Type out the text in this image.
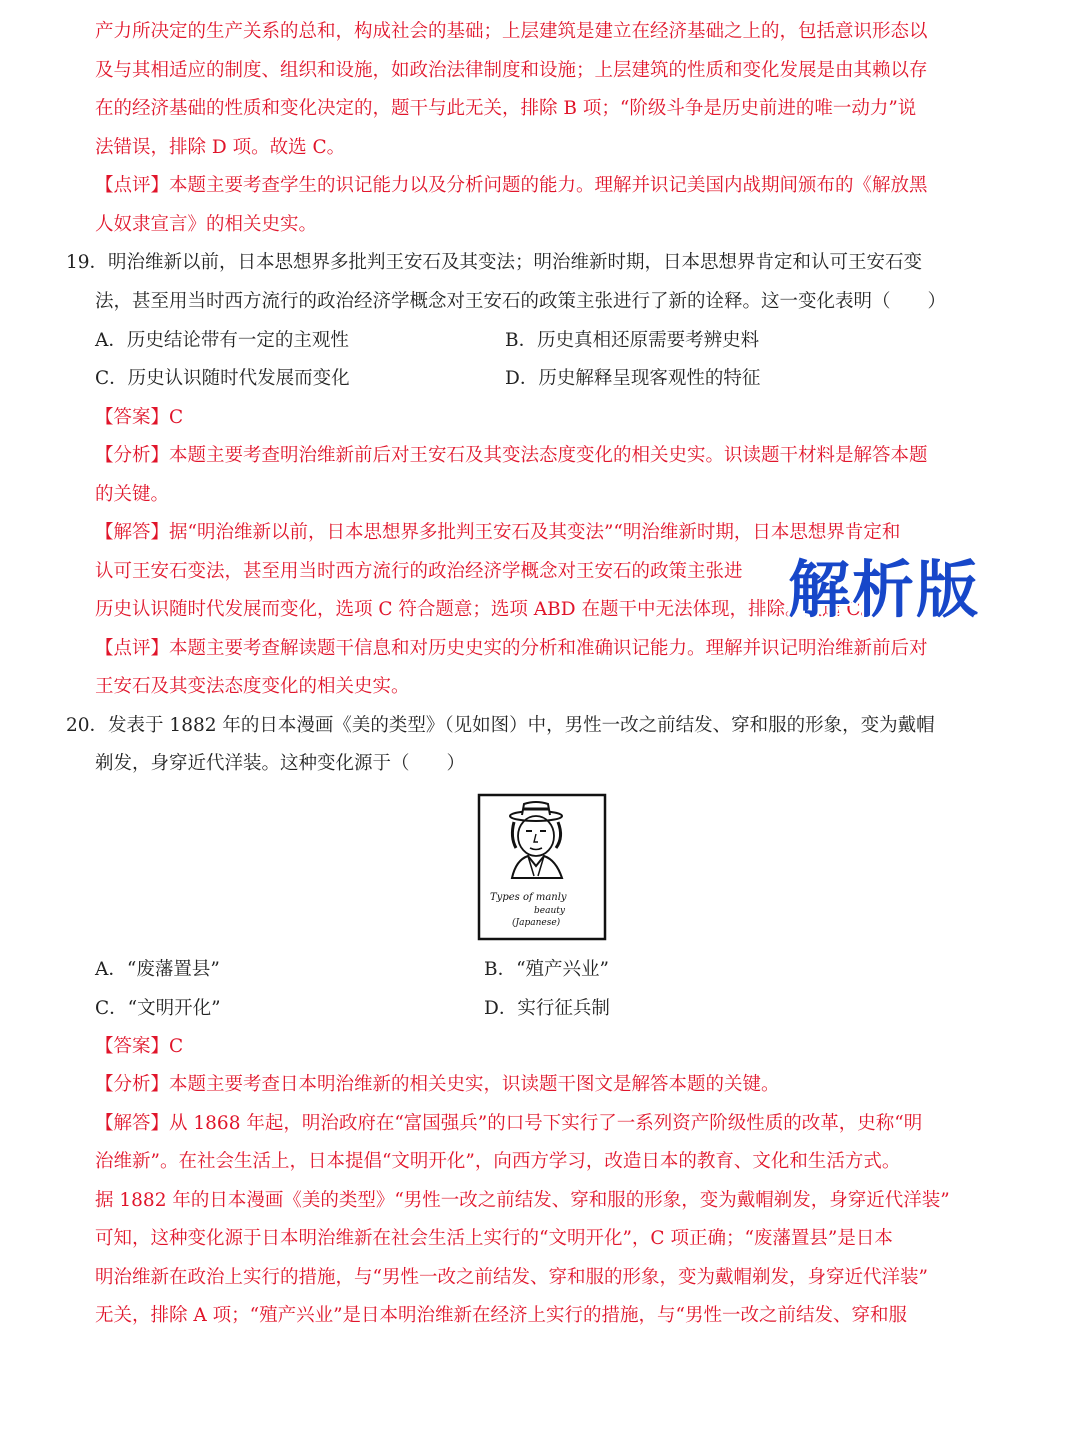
产力所决定的生产关系的总和，构成社会的基础；上层建筑是建立在经济基础之上的，包括意识形态以
及与其相适应的制度、组织和设施，如政治法律制度和设施；上层建筑的性质和变化发展是由其赖以存
在的经济基础的性质和变化决定的，题干与此无关，排除 B 项；“阶级斗争是历史前进的唯一动力”说
法错误，排除 D 项。故选 C。
【点评】本题主要考查学生的识记能力以及分析问题的能力。理解并识记美国内战期间颁布的《解放黑
人奴隶宣言》的相关史实。
19．明治维新以前，日本思想界多批判王安石及其变法；明治维新时期，日本思想界肯定和认可王安石变
法，甚至用当时西方流行的政治经济学概念对王安石的政策主张进行了新的诠释。这一变化表明（　　）
A．历史结论带有一定的主观性	B．历史真相还原需要考辨史料
C．历史认识随时代发展而变化	D．历史解释呈现客观性的特征
【答案】C
【分析】本题主要考查明治维新前后对王安石及其变法态度变化的相关史实。识读题干材料是解答本题
的关键。
【解答】据“明治维新以前，日本思想界多批判王安石及其变法”“明治维新时期，日本思想界肯定和
认可王安石变法，甚至用当时西方流行的政治经济学概念对王安石的政策主张进
历史认识随时代发展而变化，选项 C 符合题意；选项 ABD 在题干中无法体现，排除。故选 C。
【点评】本题主要考查解读题干信息和对历史史实的分析和准确识记能力。理解并识记明治维新前后对
王安石及其变法态度变化的相关史实。
解析版
20．发表于 1882 年的日本漫画《美的类型》（见如图）中，男性一改之前结发、穿和服的形象，变为戴帽
剃发，身穿近代洋装。这种变化源于（　　）
Types of manly
beauty
(Japanese)
A．“废藩置县”	B．“殖产兴业”
C．“文明开化”	D．实行征兵制
【答案】C
【分析】本题主要考查日本明治维新的相关史实，识读题干图文是解答本题的关键。
【解答】从 1868 年起，明治政府在“富国强兵”的口号下实行了一系列资产阶级性质的改革，史称“明
治维新”。在社会生活上，日本提倡“文明开化”，向西方学习，改造日本的教育、文化和生活方式。
据 1882 年的日本漫画《美的类型》“男性一改之前结发、穿和服的形象，变为戴帽剃发，身穿近代洋装”
可知，这种变化源于日本明治维新在社会生活上实行的“文明开化”，C 项正确；“废藩置县”是日本
明治维新在政治上实行的措施，与“男性一改之前结发、穿和服的形象，变为戴帽剃发，身穿近代洋装”
无关，排除 A 项；“殖产兴业”是日本明治维新在经济上实行的措施，与“男性一改之前结发、穿和服
